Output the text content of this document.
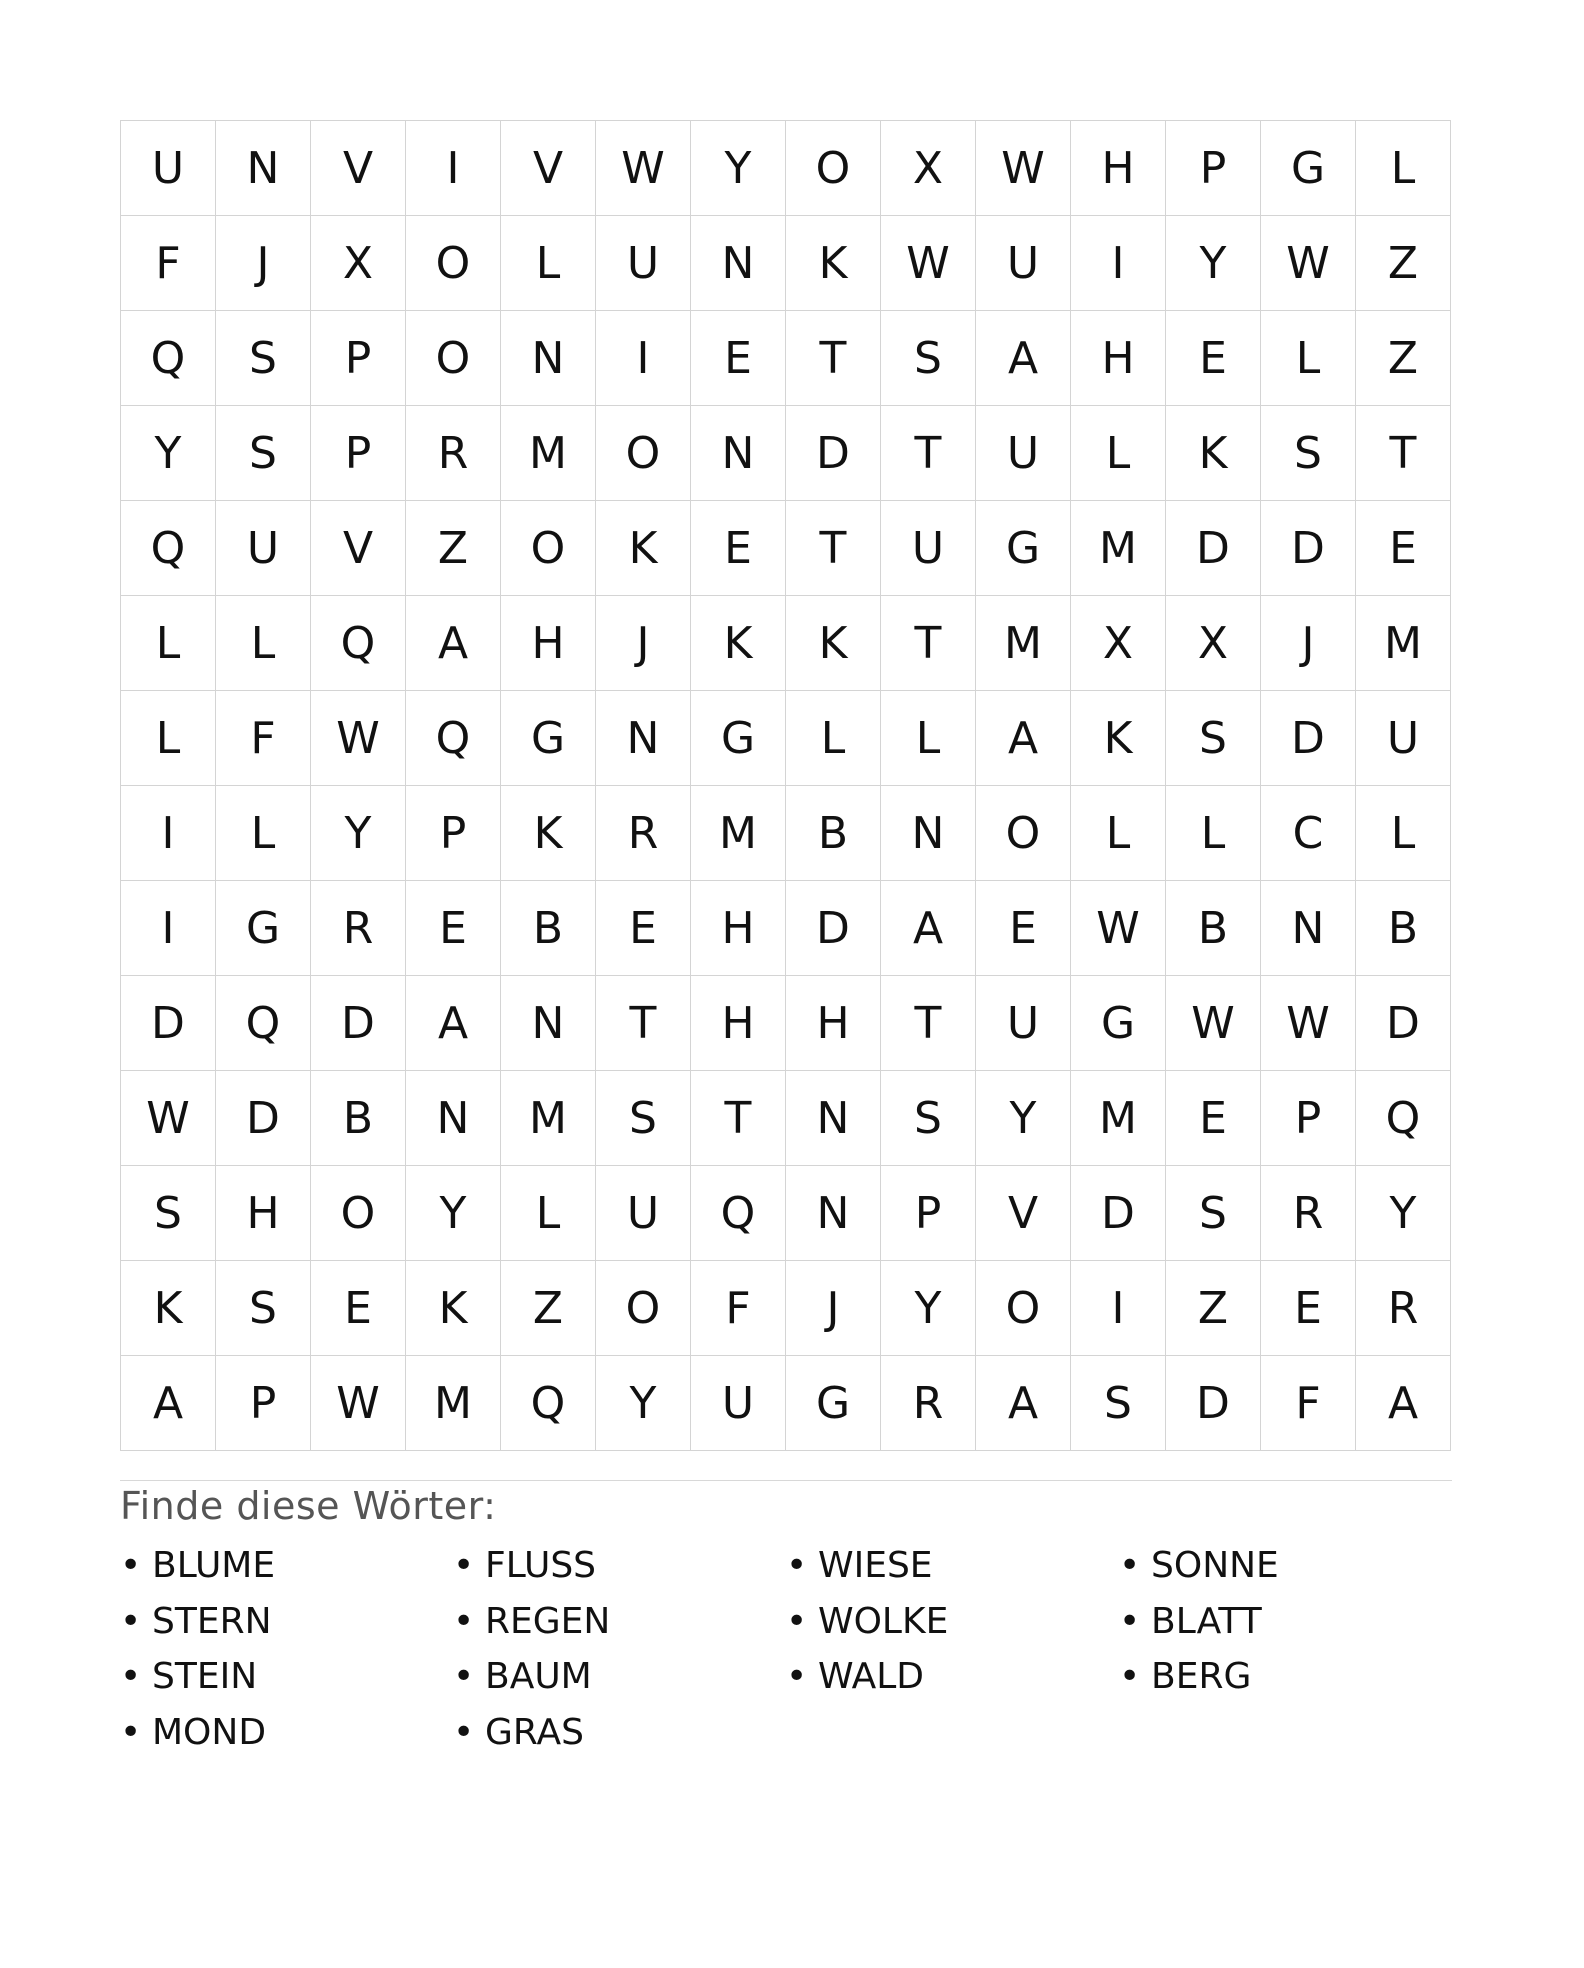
U	N	V	I	V	W	Y	O	X	W	H	P	G	L
F	J	X	O	L	U	N	K	W	U	I	Y	W	Z
Q	S	P	O	N	I	E	T	S	A	H	E	L	Z
Y	S	P	R	M	O	N	D	T	U	L	K	S	T
Q	U	V	Z	O	K	E	T	U	G	M	D	D	E
L	L	Q	A	H	J	K	K	T	M	X	X	J	M
L	F	W	Q	G	N	G	L	L	A	K	S	D	U
I	L	Y	P	K	R	M	B	N	O	L	L	C	L
I	G	R	E	B	E	H	D	A	E	W	B	N	B
D	Q	D	A	N	T	H	H	T	U	G	W	W	D
W	D	B	N	M	S	T	N	S	Y	M	E	P	Q
S	H	O	Y	L	U	Q	N	P	V	D	S	R	Y
K	S	E	K	Z	O	F	J	Y	O	I	Z	E	R
A	P	W	M	Q	Y	U	G	R	A	S	D	F	A
Finde diese Wörter:
• BLUME	• FLUSS	• WIESE	• SONNE
• STERN	• REGEN	• WOLKE	• BLATT
• STEIN	• BAUM	• WALD	• BERG
• MOND	• GRAS
